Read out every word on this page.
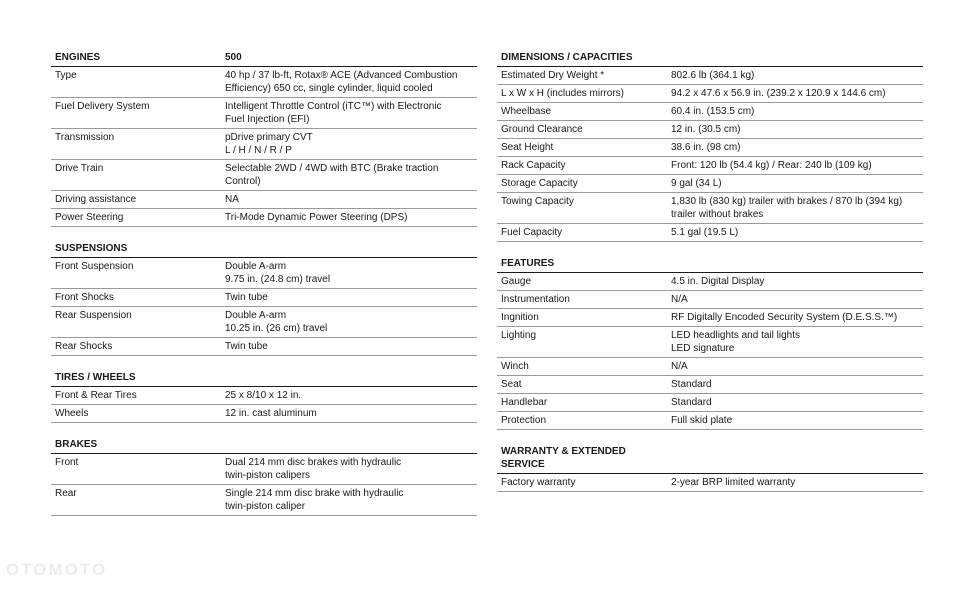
ENGINES	500
Type	40 hp / 37 lb-ft, Rotax® ACE (Advanced Combustion
Efficiency) 650 cc, single cylinder, liquid cooled
Fuel Delivery System	Intelligent Throttle Control (iTC™) with Electronic
Fuel Injection (EFI)
Transmission	pDrive primary CVT
L / H / N / R / P
Drive Train	Selectable 2WD / 4WD with BTC (Brake traction
Control)
Driving assistance	NA
Power Steering	Tri-Mode Dynamic Power Steering (DPS)
SUSPENSIONS
Front Suspension	Double A-arm
9.75 in. (24.8 cm) travel
Front Shocks	Twin tube
Rear Suspension	Double A-arm
10.25 in. (26 cm) travel
Rear Shocks	Twin tube
TIRES / WHEELS
Front & Rear Tires	25 x 8/10 x 12 in.
Wheels	12 in. cast aluminum
BRAKES
Front	Dual 214 mm disc brakes with hydraulic
twin-piston calipers
Rear	Single 214 mm disc brake with hydraulic
twin-piston caliper
DIMENSIONS / CAPACITIES
Estimated Dry Weight *	802.6 lb (364.1 kg)
L x W x H (includes mirrors)	94.2 x 47.6 x 56.9 in. (239.2 x 120.9 x 144.6 cm)
Wheelbase	60.4 in. (153.5 cm)
Ground Clearance	12 in. (30.5 cm)
Seat Height	38.6 in. (98 cm)
Rack Capacity	Front: 120 lb (54.4 kg) / Rear: 240 lb (109 kg)
Storage Capacity	9 gal (34 L)
Towing Capacity	1,830 lb (830 kg) trailer with brakes / 870 lb (394 kg)
trailer without brakes
Fuel Capacity	5.1 gal (19.5 L)
FEATURES
Gauge	4.5 in. Digital Display
Instrumentation	N/A
Ingnition	RF Digitally Encoded Security System (D.E.S.S.™)
Lighting	LED headlights and tail lights
LED signature
Winch	N/A
Seat	Standard
Handlebar	Standard
Protection	Full skid plate
WARRANTY & EXTENDED SERVICE
Factory warranty	2-year BRP limited warranty
OTOMOTO
